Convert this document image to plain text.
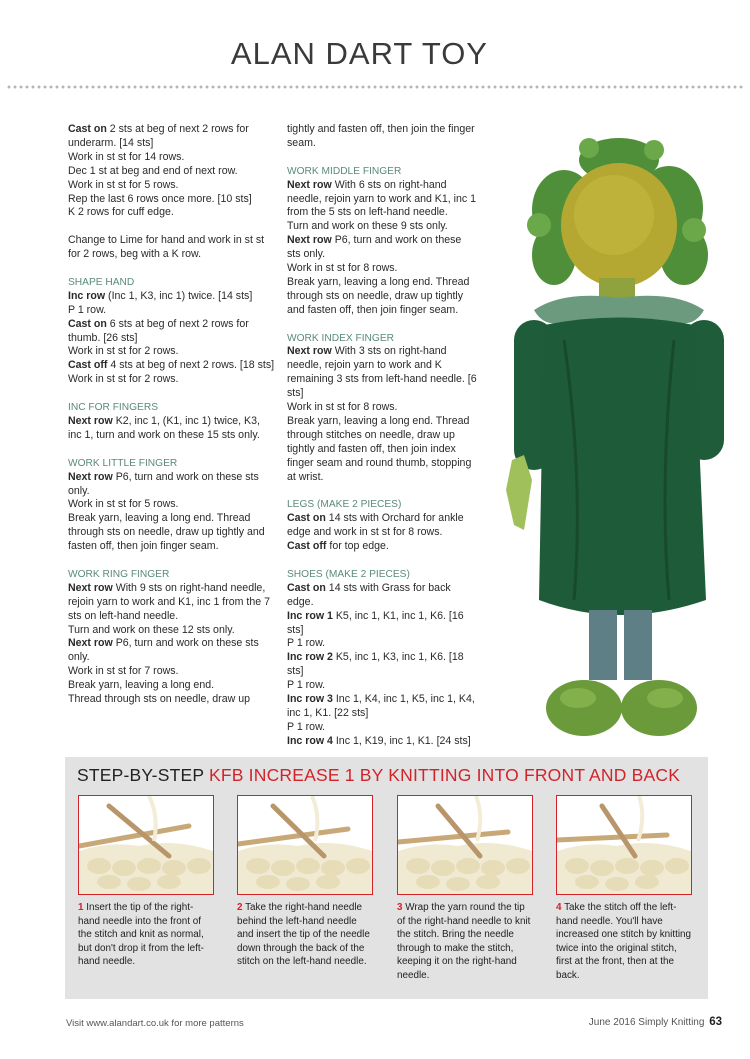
ALAN DART TOY

Cast on 2 sts at beg of next 2 rows for underarm. [14 sts]

Work in st st for 14 rows.

Dec 1 st at beg and end of next row.

Work in st st for 5 rows.

Rep the last 6 rows once more. [10 sts]

K 2 rows for cuff edge.

Change to Lime for hand and work in st st for 2 rows, beg with a K row.

SHAPE HAND

Inc row (Inc 1, K3, inc 1) twice. [14 sts]

P 1 row.

Cast on 6 sts at beg of next 2 rows for thumb. [26 sts]

Work in st st for 2 rows.

Cast off 4 sts at beg of next 2 rows. [18 sts]

Work in st st for 2 rows.

INC FOR FINGERS

Next row K2, inc 1, (K1, inc 1) twice, K3, inc 1, turn and work on these 15 sts only.

WORK LITTLE FINGER

Next row P6, turn and work on these sts only.

Work in st st for 5 rows.

Break yarn, leaving a long end. Thread through sts on needle, draw up tightly and fasten off, then join finger seam.

WORK RING FINGER

Next row With 9 sts on right-hand needle, rejoin yarn to work and K1, inc 1 from the 7 sts on left-hand needle.

Turn and work on these 12 sts only.

Next row P6, turn and work on these sts only.

Work in st st for 7 rows.

Break yarn, leaving a long end.

Thread through sts on needle, draw up

tightly and fasten off, then join the finger seam.

WORK MIDDLE FINGER

Next row With 6 sts on right-hand needle, rejoin yarn to work and K1, inc 1 from the 5 sts on left-hand needle.

Turn and work on these 9 sts only.

Next row P6, turn and work on these sts only.

Work in st st for 8 rows.

Break yarn, leaving a long end. Thread through sts on needle, draw up tightly and fasten off, then join finger seam.

WORK INDEX FINGER

Next row With 3 sts on right-hand needle, rejoin yarn to work and K remaining 3 sts from left-hand needle. [6 sts]

Work in st st for 8 rows.

Break yarn, leaving a long end. Thread through stitches on needle, draw up tightly and fasten off, then join index finger seam and round thumb, stopping at wrist.

LEGS (MAKE 2 PIECES)

Cast on 14 sts with Orchard for ankle edge and work in st st for 8 rows.

Cast off for top edge.

SHOES (MAKE 2 PIECES)

Cast on 14 sts with Grass for back edge.

Inc row 1 K5, inc 1, K1, inc 1, K6. [16 sts]

P 1 row.

Inc row 2 K5, inc 1, K3, inc 1, K6. [18 sts]

P 1 row.

Inc row 3 Inc 1, K4, inc 1, K5, inc 1, K4, inc 1, K1. [22 sts]

P 1 row.

Inc row 4 Inc 1, K19, inc 1, K1. [24 sts]

STEP-BY-STEP KFB INCREASE 1 BY KNITTING INTO FRONT AND BACK
1 Insert the tip of the right-hand needle into the front of the stitch and knit as normal, but don't drop it from the left-hand needle.
2 Take the right-hand needle behind the left-hand needle and insert the tip of the needle down through the back of the stitch on the left-hand needle.
3 Wrap the yarn round the tip of the right-hand needle to knit the stitch. Bring the needle through to make the stitch, keeping it on the right-hand needle.
4 Take the stitch off the left-hand needle. You'll have increased one stitch by knitting twice into the original stitch, first at the front, then at the back.
Visit www.alandart.co.uk for more patterns	June 2016 Simply Knitting 63
